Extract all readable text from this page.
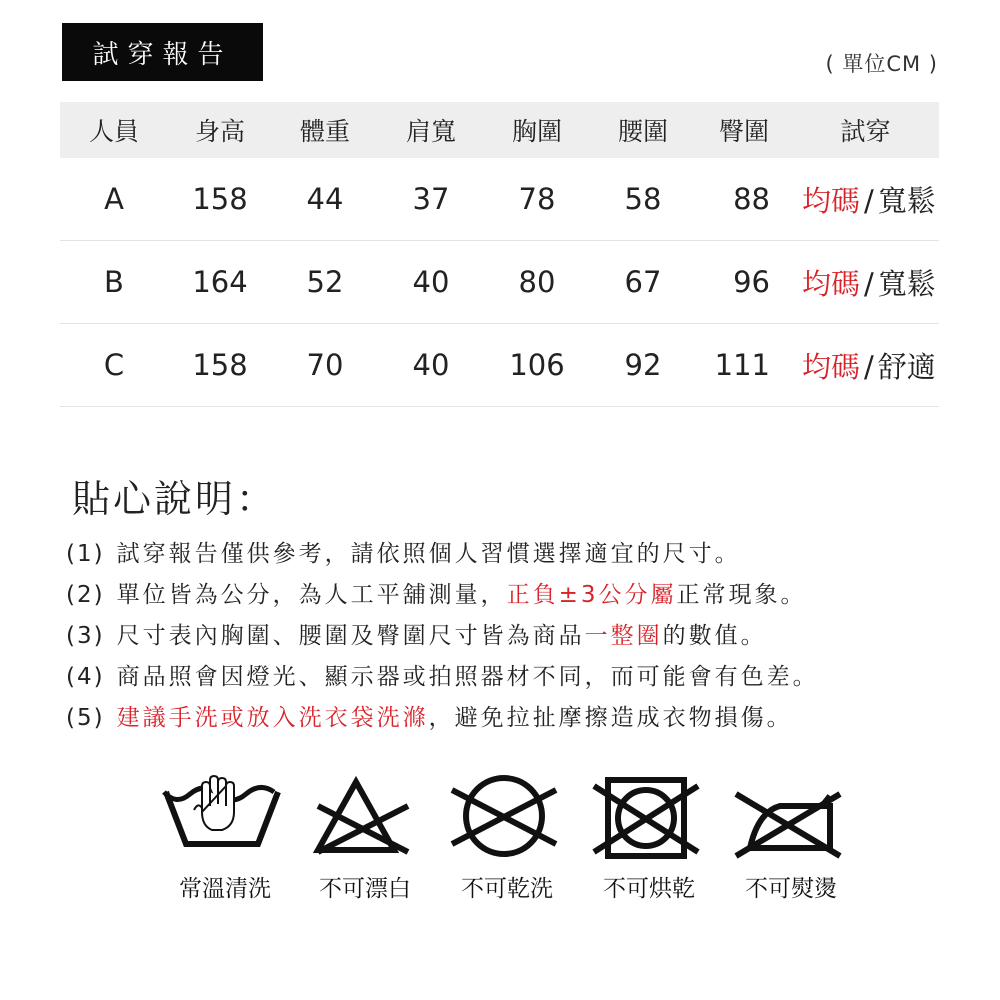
試穿報告	( 單位CM )
人員	身高	體重	肩寬	胸圍	腰圍	臀圍	試穿
A	158	44	37	78	58	88	均碼 / 寬鬆
B	164	52	40	80	67	96	均碼 / 寬鬆
C	158	70	40	106	92	111	均碼 / 舒適
貼心說明：
(1) 試穿報告僅供參考，請依照個人習慣選擇適宜的尺寸。
(2) 單位皆為公分，為人工平舖測量，正負±3公分屬正常現象。
(3) 尺寸表內胸圍、腰圍及臀圍尺寸皆為商品一整圈的數值。
(4) 商品照會因燈光、顯示器或拍照器材不同，而可能會有色差。
(5) 建議手洗或放入洗衣袋洗滌，避免拉扯摩擦造成衣物損傷。
常溫清洗	不可漂白	不可乾洗	不可烘乾	不可熨燙
